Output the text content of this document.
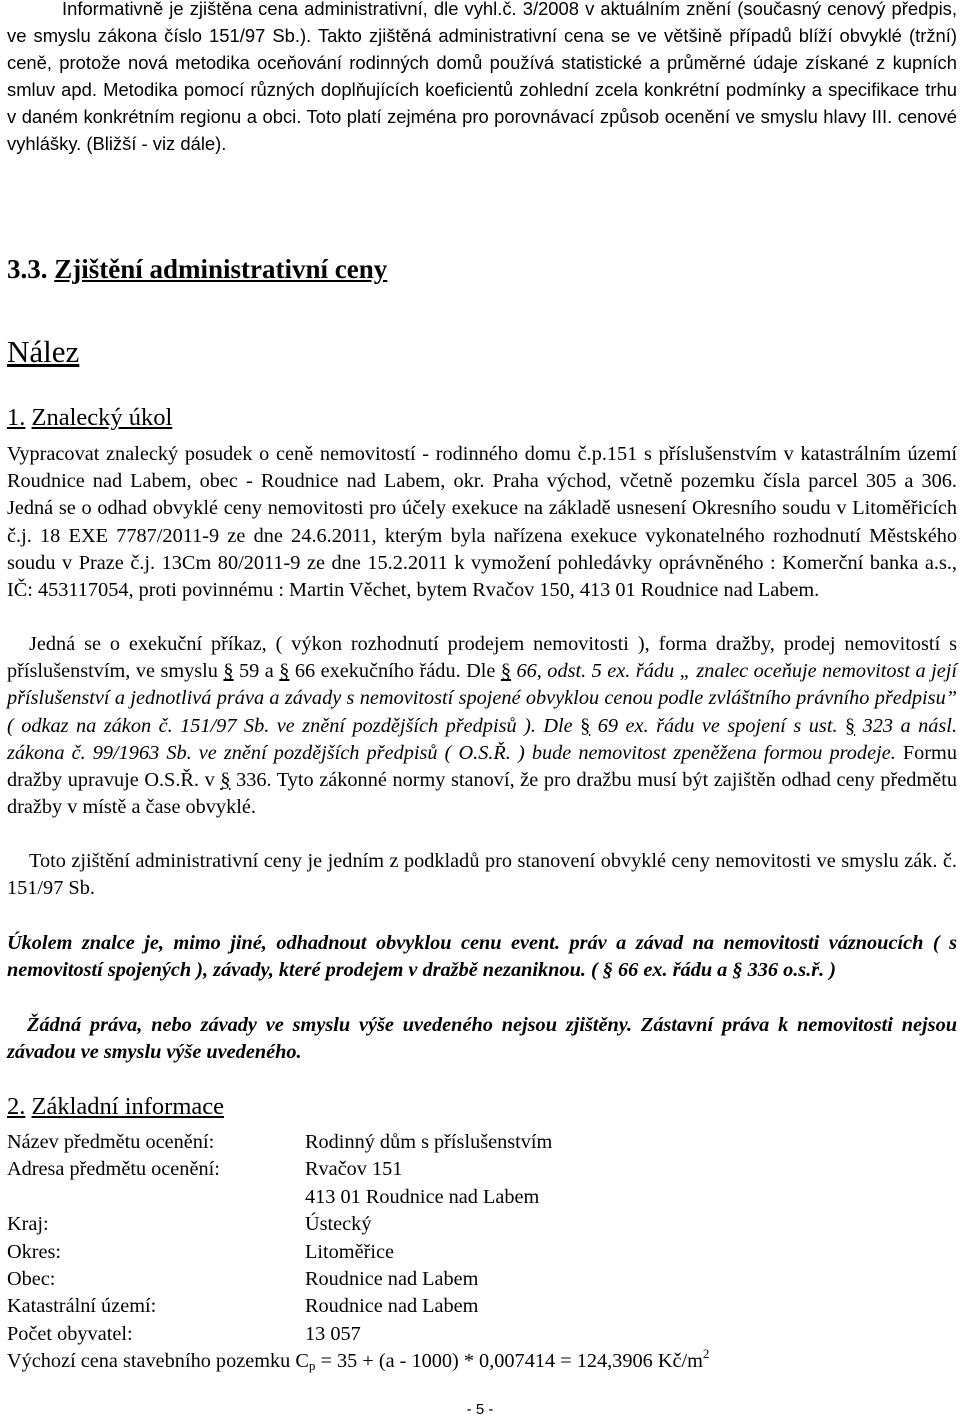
Informativně je zjištěna cena administrativní, dle vyhl.č. 3/2008 v aktuálním znění (současný cenový předpis, ve smyslu zákona číslo 151/97 Sb.). Takto zjištěná administrativní cena se ve většině případů blíží obvyklé (tržní) ceně, protože nová metodika oceňování rodinných domů používá statistické a průměrné údaje získané z kupních smluv apd. Metodika pomocí různých doplňujících koeficientů zohlední zcela konkrétní podmínky a specifikace trhu v daném konkrétním regionu a obci. Toto platí zejména pro porovnávací způsob ocenění ve smyslu hlavy III. cenové vyhlášky. (Bližší - viz dále).

3.3. Zjištění administrativní ceny
Nález
1. Znalecký úkol

Vypracovat znalecký posudek o ceně nemovitostí - rodinného domu č.p.151 s příslušenstvím v katastrálním území Roudnice nad Labem, obec - Roudnice nad Labem, okr. Praha východ, včetně pozemku čísla parcel 305 a 306. Jedná se o odhad obvyklé ceny nemovitosti pro účely exekuce na základě usnesení Okresního soudu v Litoměřicích č.j. 18 EXE 7787/2011-9 ze dne 24.6.2011, kterým byla nařízena exekuce vykonatelného rozhodnutí Městského soudu v Praze č.j. 13Cm 80/2011-9 ze dne 15.2.2011 k vymožení pohledávky oprávněného : Komerční banka a.s., IČ: 453117054, proti povinnému : Martin Věchet, bytem Rvačov 150, 413 01 Roudnice nad Labem.

Jedná se o exekuční příkaz, ( výkon rozhodnutí prodejem nemovitosti ), forma dražby, prodej nemovitostí s příslušenstvím, ve smyslu § 59 a § 66 exekučního řádu. Dle § 66, odst. 5 ex. řádu „ znalec oceňuje nemovitost a její příslušenství a jednotlivá práva a závady s nemovitostí spojené obvyklou cenou podle zvláštního právního předpisu” ( odkaz na zákon č. 151/97 Sb. ve znění pozdějších předpisů ). Dle § 69 ex. řádu ve spojení s ust. § 323 a násl. zákona č. 99/1963 Sb. ve znění pozdějších předpisů ( O.S.Ř. ) bude nemovitost zpeněžena formou prodeje. Formu dražby upravuje O.S.Ř. v § 336. Tyto zákonné normy stanoví, že pro dražbu musí být zajištěn odhad ceny předmětu dražby v místě a čase obvyklé.

Toto zjištění administrativní ceny je jedním z podkladů pro stanovení obvyklé ceny nemovitosti ve smyslu zák. č. 151/97 Sb.

Úkolem znalce je, mimo jiné, odhadnout obvyklou cenu event. práv a závad na nemovitosti váznoucích ( s nemovitostí spojených ), závady, které prodejem v dražbě nezaniknou. ( § 66 ex. řádu a § 336 o.s.ř. )

Žádná práva, nebo závady ve smyslu výše uvedeného nejsou zjištěny. Zástavní práva k nemovitosti nejsou závadou ve smyslu výše uvedeného.

2. Základní informace
Název předmětu ocenění:	Rodinný dům s příslušenstvím
Adresa předmětu ocenění:	Rvačov 151
413 01 Roudnice nad Labem
Kraj:	Ústecký
Okres:	Litoměřice
Obec:	Roudnice nad Labem
Katastrální území:	Roudnice nad Labem
Počet obyvatel:	13 057
Výchozí cena stavebního pozemku $C_p = 35 + (a - 1000) * 0,007414 = 124,3906$ $Kč/m^2$
- 5 -
